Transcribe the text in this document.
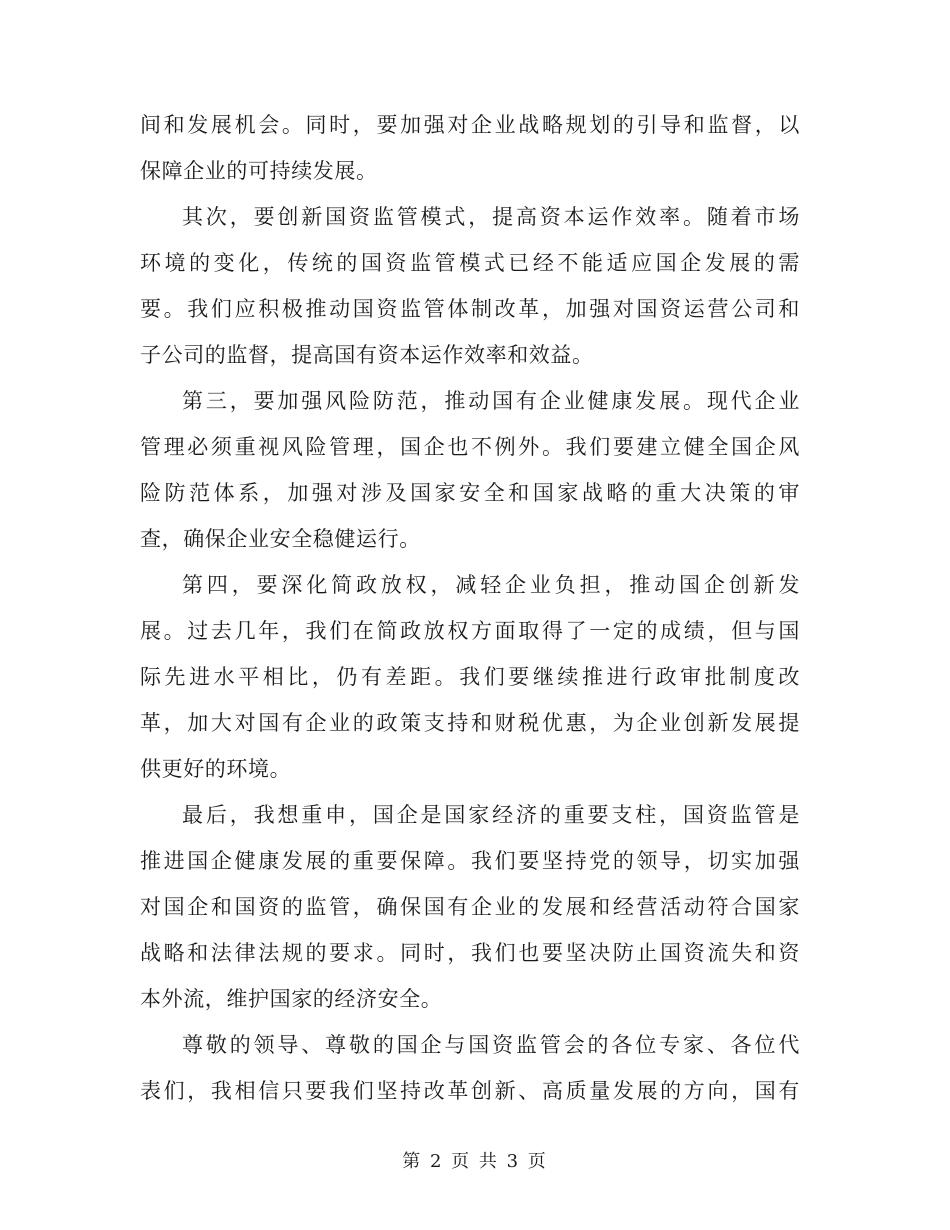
间和发展机会。同时，要加强对企业战略规划的引导和监督，以
保障企业的可持续发展。
其次，要创新国资监管模式，提高资本运作效率。随着市场
环境的变化，传统的国资监管模式已经不能适应国企发展的需
要。我们应积极推动国资监管体制改革，加强对国资运营公司和
子公司的监督，提高国有资本运作效率和效益。
第三，要加强风险防范，推动国有企业健康发展。现代企业
管理必须重视风险管理，国企也不例外。我们要建立健全国企风
险防范体系，加强对涉及国家安全和国家战略的重大决策的审
查，确保企业安全稳健运行。
第四，要深化简政放权，减轻企业负担，推动国企创新发
展。过去几年，我们在简政放权方面取得了一定的成绩，但与国
际先进水平相比，仍有差距。我们要继续推进行政审批制度改
革，加大对国有企业的政策支持和财税优惠，为企业创新发展提
供更好的环境。
最后，我想重申，国企是国家经济的重要支柱，国资监管是
推进国企健康发展的重要保障。我们要坚持党的领导，切实加强
对国企和国资的监管，确保国有企业的发展和经营活动符合国家
战略和法律法规的要求。同时，我们也要坚决防止国资流失和资
本外流，维护国家的经济安全。
尊敬的领导、尊敬的国企与国资监管会的各位专家、各位代
表们，我相信只要我们坚持改革创新、高质量发展的方向，国有
第 2 页 共 3 页
